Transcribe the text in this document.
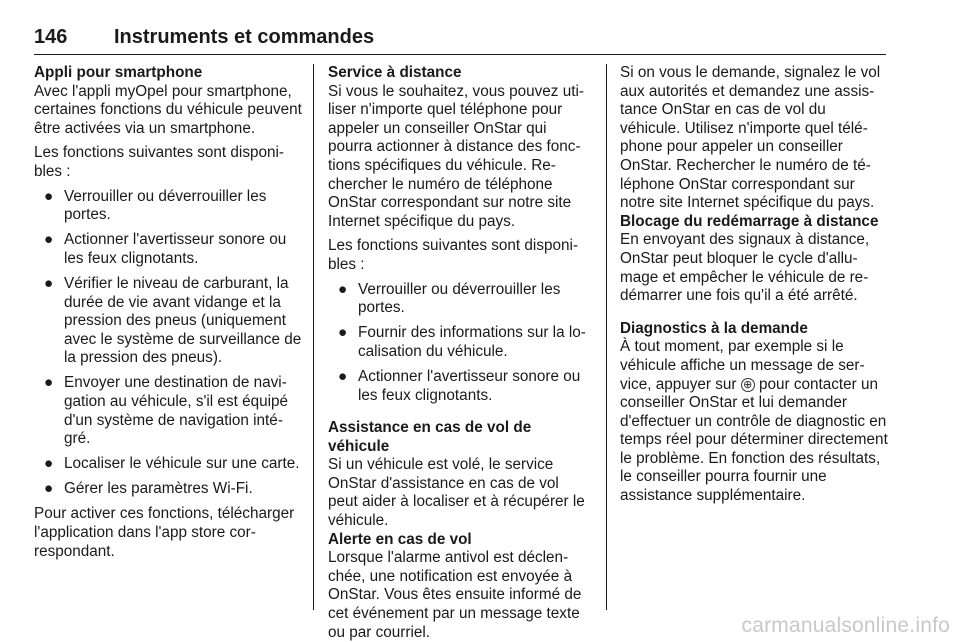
146 Instruments et commandes
Appli pour smartphone

Avec l'appli myOpel pour smartphone, certaines fonctions du véhicule peuvent être activées via un smartphone.

Les fonctions suivantes sont disponibles :

● Verrouiller ou déverrouiller les portes.
● Actionner l'avertisseur sonore ou les feux clignotants.
● Vérifier le niveau de carburant, la durée de vie avant vidange et la pression des pneus (uniquement avec le système de surveillance de la pression des pneus).
● Envoyer une destination de navigation au véhicule, s'il est équipé d'un système de navigation intégré.
● Localiser le véhicule sur une carte.
● Gérer les paramètres Wi-Fi.

Pour activer ces fonctions, télécharger l'application dans l'app store correspondant.

Service à distance

Si vous le souhaitez, vous pouvez utiliser n'importe quel téléphone pour appeler un conseiller OnStar qui pourra actionner à distance des fonctions spécifiques du véhicule. Rechercher le numéro de téléphone OnStar correspondant sur notre site Internet spécifique du pays.

Les fonctions suivantes sont disponibles :

● Verrouiller ou déverrouiller les portes.
● Fournir des informations sur la localisation du véhicule.
● Actionner l'avertisseur sonore ou les feux clignotants.
Assistance en cas de vol de véhicule

Si un véhicule est volé, le service OnStar d'assistance en cas de vol peut aider à localiser et à récupérer le véhicule.

Alerte en cas de vol

Lorsque l'alarme antivol est déclenchée, une notification est envoyée à OnStar. Vous êtes ensuite informé de cet événement par un message texte ou par courriel.

Si on vous le demande, signalez le vol aux autorités et demandez une assistance OnStar en cas de vol du véhicule. Utilisez n'importe quel téléphone pour appeler un conseiller OnStar. Rechercher le numéro de téléphone OnStar correspondant sur notre site Internet spécifique du pays.

Blocage du redémarrage à distance

En envoyant des signaux à distance, OnStar peut bloquer le cycle d'allumage et empêcher le véhicule de redémarrer une fois qu'il a été arrêté.

Diagnostics à la demande

À tout moment, par exemple si le véhicule affiche un message de service, appuyer sur ⊕ pour contacter un conseiller OnStar et lui demander d'effectuer un contrôle de diagnostic en temps réel pour déterminer directement le problème. En fonction des résultats, le conseiller pourra fournir une assistance supplémentaire.

carmanualsonline.info
